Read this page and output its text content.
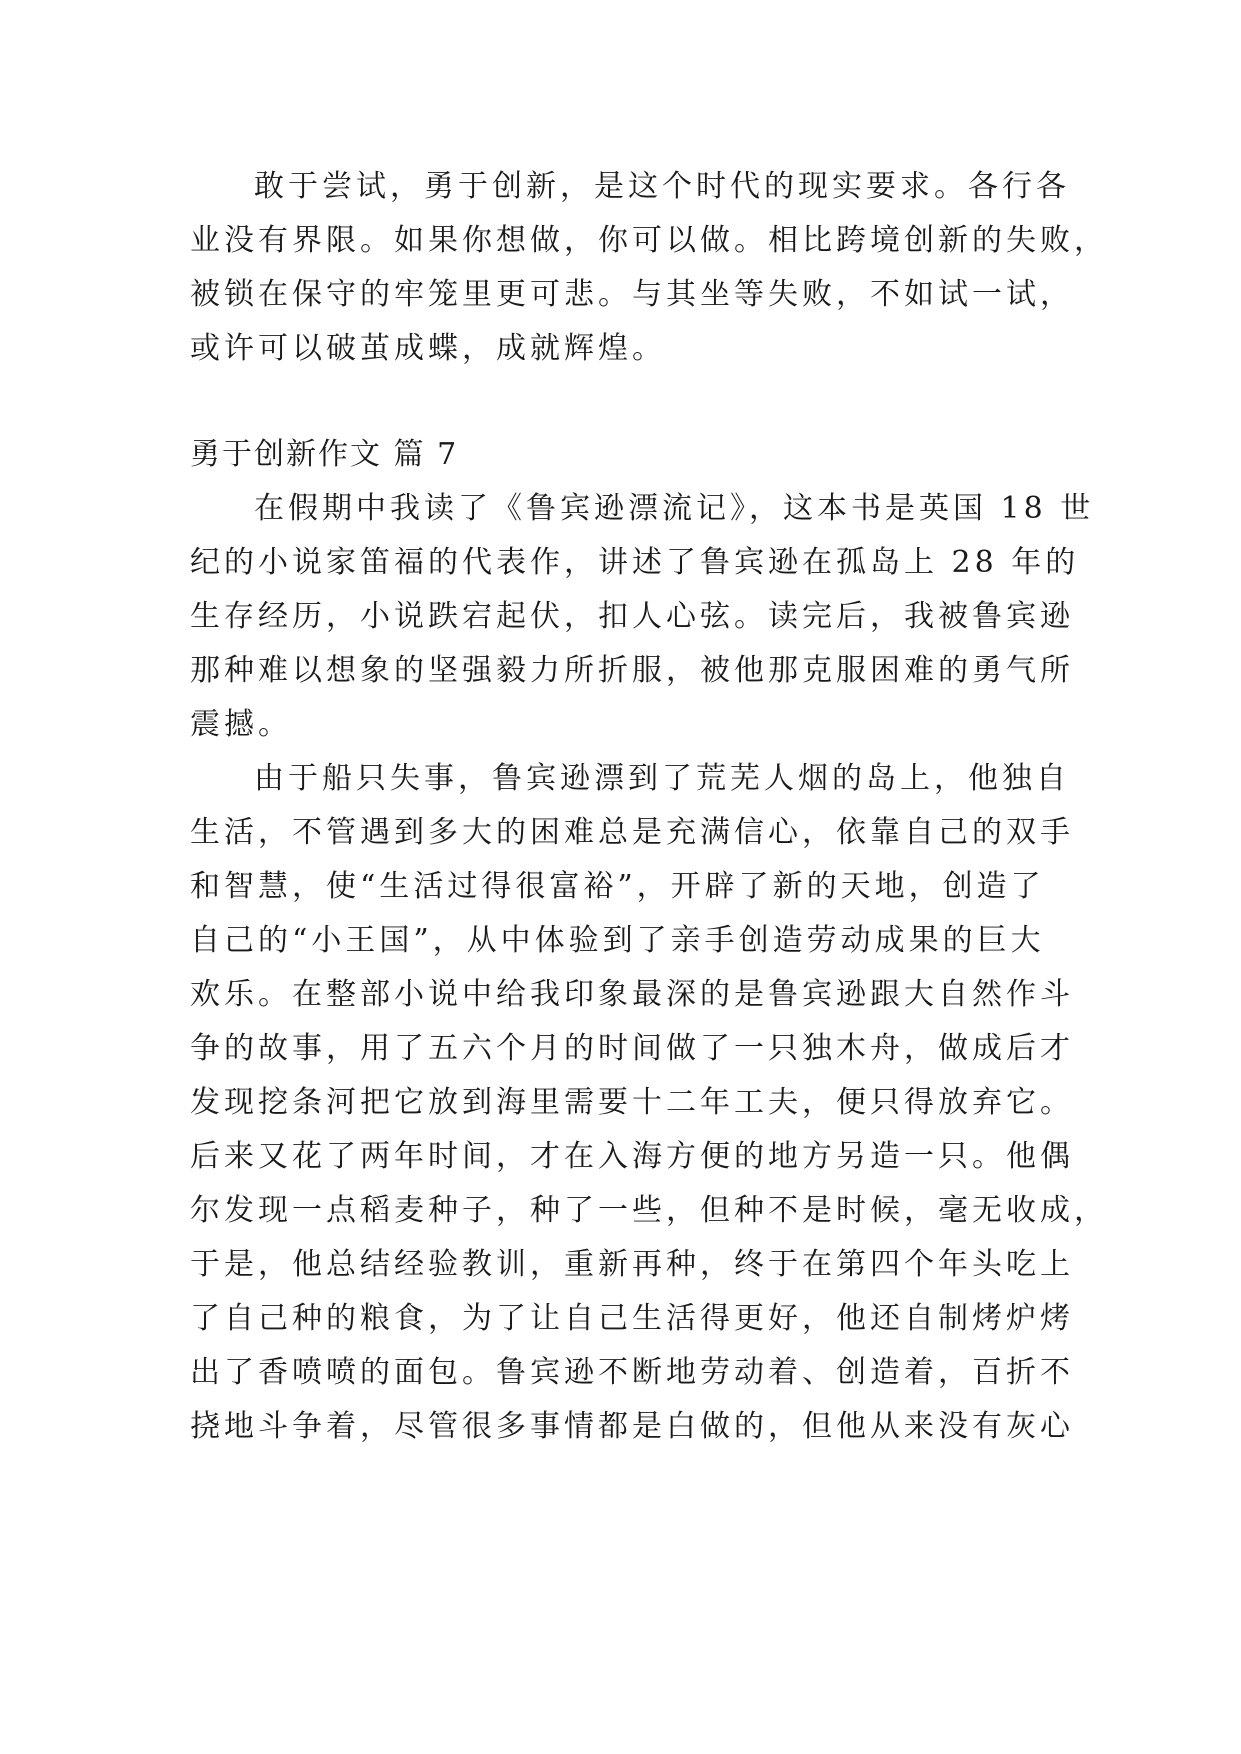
敢于尝试，勇于创新，是这个时代的现实要求。各行各
业没有界限。如果你想做，你可以做。相比跨境创新的失败，
被锁在保守的牢笼里更可悲。与其坐等失败，不如试一试，
或许可以破茧成蝶，成就辉煌。
勇于创新作文 篇 7
在假期中我读了《鲁宾逊漂流记》，这本书是英国 18 世
纪的小说家笛福的代表作，讲述了鲁宾逊在孤岛上 28 年的
生存经历，小说跌宕起伏，扣人心弦。读完后，我被鲁宾逊
那种难以想象的坚强毅力所折服，被他那克服困难的勇气所
震撼。
由于船只失事，鲁宾逊漂到了荒芜人烟的岛上，他独自
生活，不管遇到多大的困难总是充满信心，依靠自己的双手
和智慧，使“生活过得很富裕”，开辟了新的天地，创造了
自己的“小王国”，从中体验到了亲手创造劳动成果的巨大
欢乐。在整部小说中给我印象最深的是鲁宾逊跟大自然作斗
争的故事，用了五六个月的时间做了一只独木舟，做成后才
发现挖条河把它放到海里需要十二年工夫，便只得放弃它。
后来又花了两年时间，才在入海方便的地方另造一只。他偶
尔发现一点稻麦种子，种了一些，但种不是时候，毫无收成，
于是，他总结经验教训，重新再种，终于在第四个年头吃上
了自己种的粮食，为了让自己生活得更好，他还自制烤炉烤
出了香喷喷的面包。鲁宾逊不断地劳动着、创造着，百折不
挠地斗争着，尽管很多事情都是白做的，但他从来没有灰心
